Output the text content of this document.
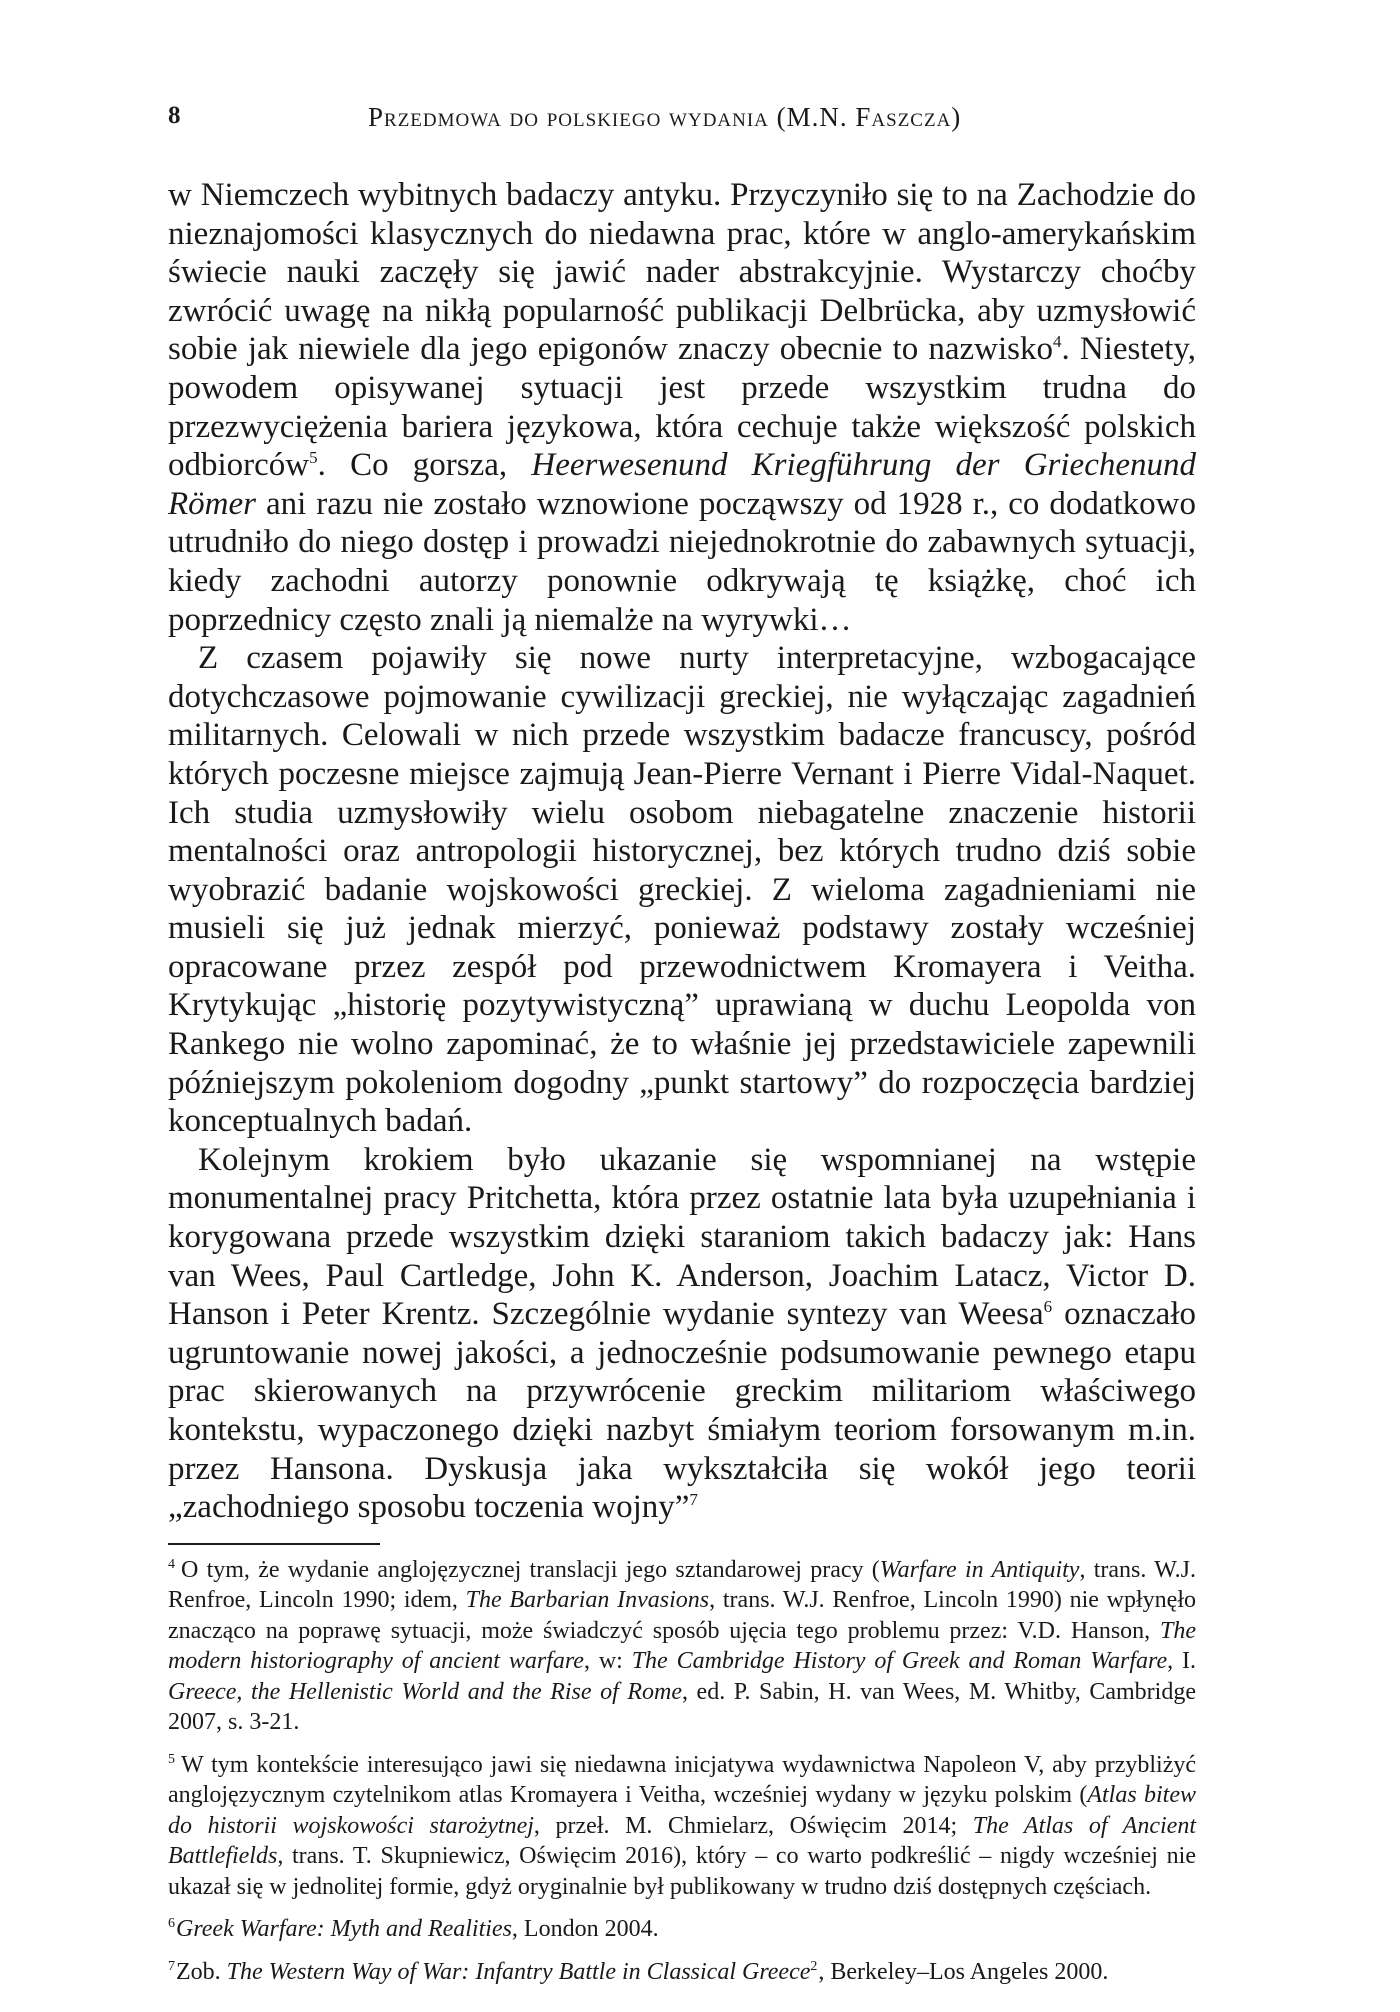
8	Przedmowa do polskiego wydania (M.N. Faszcza)

w Niemczech wybitnych badaczy antyku. Przyczyniło się to na Zachodzie do nieznajomości klasycznych do niedawna prac, które w anglo-amerykańskim świecie nauki zaczęły się jawić nader abstrakcyjnie. Wystarczy choćby zwrócić uwagę na nikłą popularność publikacji Delbrücka, aby uzmysłowić sobie jak niewiele dla jego epigonów znaczy obecnie to nazwisko$^4$. Niestety, powodem opisywanej sytuacji jest przede wszystkim trudna do przezwyciężenia bariera językowa, która cechuje także większość polskich odbiorców$^5$. Co gorsza, Heerwesenund Kriegführung der Griechenund Römer ani razu nie zostało wznowione począwszy od 1928 r., co dodatkowo utrudniło do niego dostęp i prowadzi niejednokrotnie do zabawnych sytuacji, kiedy zachodni autorzy ponownie odkrywają tę książkę, choć ich poprzednicy często znali ją niemalże na wyrywki…

Z czasem pojawiły się nowe nurty interpretacyjne, wzbogacające dotychczasowe pojmowanie cywilizacji greckiej, nie wyłączając zagadnień militarnych. Celowali w nich przede wszystkim badacze francuscy, pośród których poczesne miejsce zajmują Jean-Pierre Vernant i Pierre Vidal-Naquet. Ich studia uzmysłowiły wielu osobom niebagatelne znaczenie historii mentalności oraz antropologii historycznej, bez których trudno dziś sobie wyobrazić badanie wojskowości greckiej. Z wieloma zagadnieniami nie musieli się już jednak mierzyć, ponieważ podstawy zostały wcześniej opracowane przez zespół pod przewodnictwem Kromayera i Veitha. Krytykując „historię pozytywistyczną” uprawianą w duchu Leopolda von Rankego nie wolno zapominać, że to właśnie jej przedstawiciele zapewnili późniejszym pokoleniom dogodny „punkt startowy” do rozpoczęcia bardziej konceptualnych badań.

Kolejnym krokiem było ukazanie się wspomnianej na wstępie monumentalnej pracy Pritchetta, która przez ostatnie lata była uzupełniania i korygowana przede wszystkim dzięki staraniom takich badaczy jak: Hans van Wees, Paul Cartledge, John K. Anderson, Joachim Latacz, Victor D. Hanson i Peter Krentz. Szczególnie wydanie syntezy van Weesa$^6$ oznaczało ugruntowanie nowej jakości, a jednocześnie podsumowanie pewnego etapu prac skierowanych na przywrócenie greckim militariom właściwego kontekstu, wypaczonego dzięki nazbyt śmiałym teoriom forsowanym m.in. przez Hansona. Dyskusja jaka wykształciła się wokół jego teorii „zachodniego sposobu toczenia wojny”$^7$

$^4$ O tym, że wydanie anglojęzycznej translacji jego sztandarowej pracy (Warfare in Antiquity, trans. W.J. Renfroe, Lincoln 1990; idem, The Barbarian Invasions, trans. W.J. Renfroe, Lincoln 1990) nie wpłynęło znacząco na poprawę sytuacji, może świadczyć sposób ujęcia tego problemu przez: V.D. Hanson, The modern historiography of ancient warfare, w: The Cambridge History of Greek and Roman Warfare, I. Greece, the Hellenistic World and the Rise of Rome, ed. P. Sabin, H. van Wees, M. Whitby, Cambridge 2007, s. 3-21.

$^5$ W tym kontekście interesująco jawi się niedawna inicjatywa wydawnictwa Napoleon V, aby przybliżyć anglojęzycznym czytelnikom atlas Kromayera i Veitha, wcześniej wydany w języku polskim (Atlas bitew do historii wojskowości starożytnej, przeł. M. Chmielarz, Oświęcim 2014; The Atlas of Ancient Battlefields, trans. T. Skupniewicz, Oświęcim 2016), który – co warto podkreślić – nigdy wcześniej nie ukazał się w jednolitej formie, gdyż oryginalnie był publikowany w trudno dziś dostępnych częściach.

$^6$Greek Warfare: Myth and Realities, London 2004.

$^7$Zob. The Western Way of War: Infantry Battle in Classical Greece$^2$, Berkeley–Los Angeles 2000.
